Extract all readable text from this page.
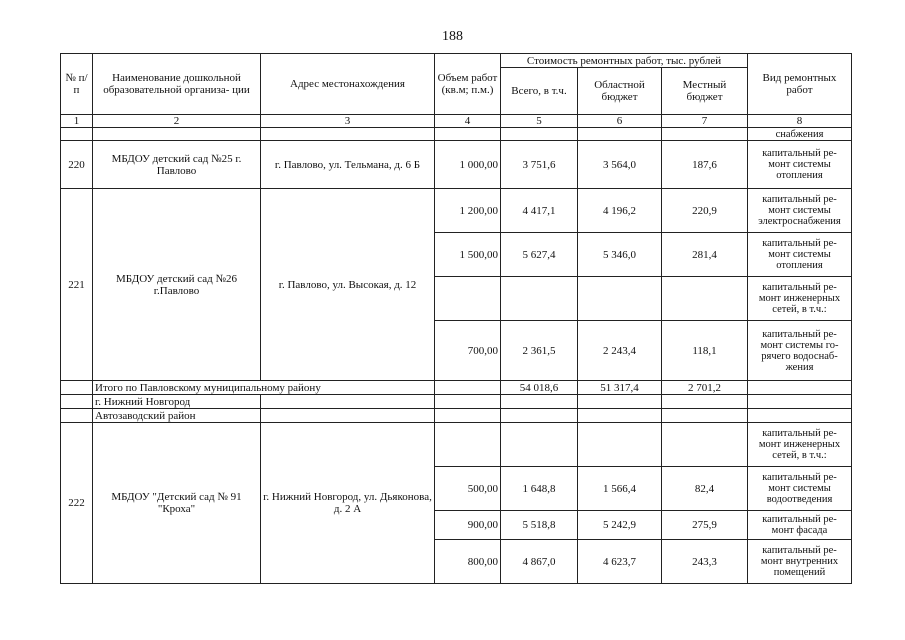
188
№ п/п	Наименование дошкольной образовательной организа- ции	Адрес местонахождения	Объем работ (кв.м; п.м.)	Стоимость ремонтных работ, тыс. рублей			Вид ремонтных работ
				Всего, в т.ч.	Областной бюджет	Местный бюджет	
1	2	3	4	5	6	7	8
							снабжения
220	МБДОУ детский сад №25 г. Павлово	г. Павлово, ул. Тельмана, д. 6 Б	1 000,00	3 751,6	3 564,0	187,6	капитальный ре- монт системы отопления
221	МБДОУ детский сад №26 г.Павлово	г. Павлово, ул. Высокая, д. 12	1 200,00	4 417,1	4 196,2	220,9	капитальный ре- монт системы электроснабжения
			1 500,00	5 627,4	5 346,0	281,4	капитальный ре- монт системы отопления
							капитальный ре- монт инженерных сетей, в т.ч.:
			700,00	2 361,5	2 243,4	118,1	капитальный ре- монт системы го- рячего водоснаб- жения
	Итого по Павловскому муниципальному району			54 018,6	51 317,4	2 701,2	
	г. Нижний Новгород						
	Автозаводский район						
222	МБДОУ "Детский сад № 91 "Кроха"	г. Нижний Новгород, ул. Дьяконова, д. 2 А					капитальный ре- монт инженерных сетей, в т.ч.:
			500,00	1 648,8	1 566,4	82,4	капитальный ре- монт системы водоотведения
			900,00	5 518,8	5 242,9	275,9	капитальный ре- монт фасада
			800,00	4 867,0	4 623,7	243,3	капитальный ре- монт внутренних помещений
